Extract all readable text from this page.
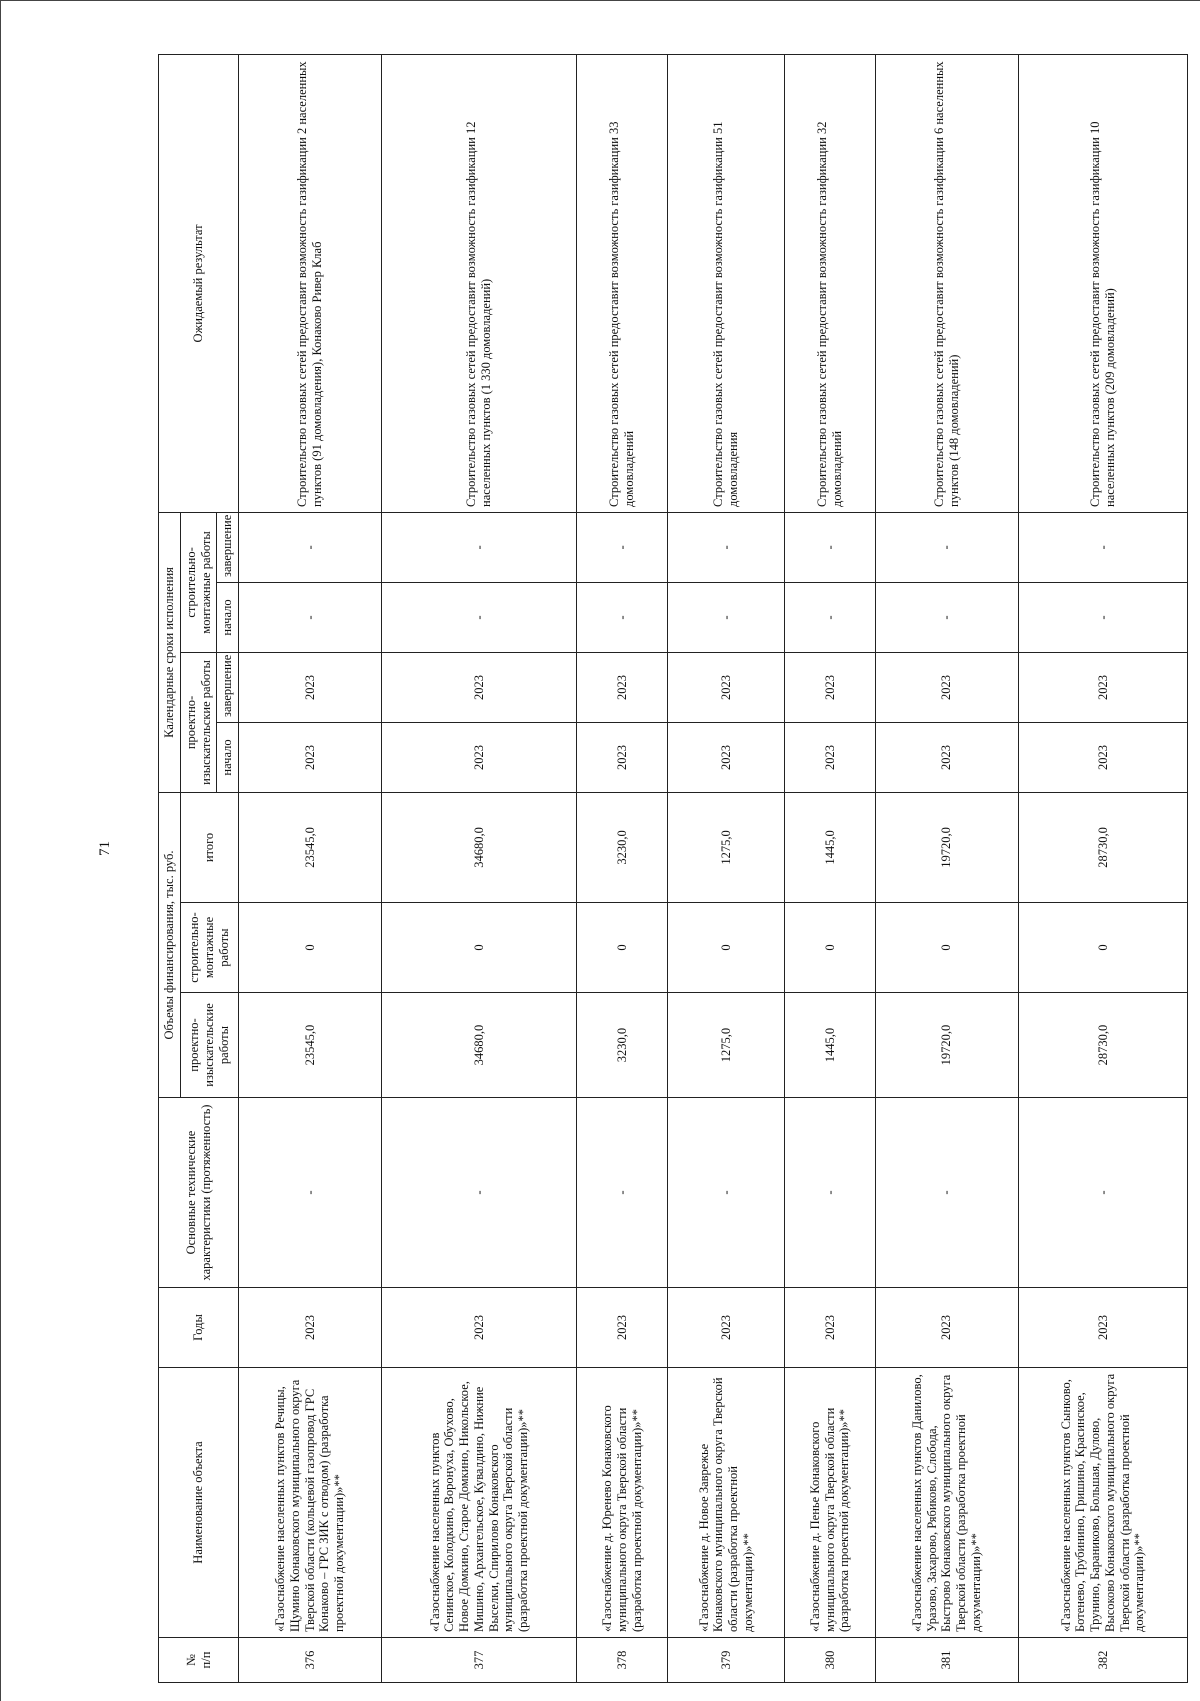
71
№
п/п	Наименование объекта	Годы	Основные технические характеристики (протяженность)	Объемы финансирования, тыс. руб.			Календарные сроки исполнения				Ожидаемый результат
				проектно-изыскательские работы	строительно-монтажные работы	итого	проектно-изыскательские работы		строительно-монтажные работы		
							начало	завершение	начало	завершение	
376	«Газоснабжение населенных пунктов Речицы, Щумино Конаковского муниципального округа Тверской области (кольцевой газопровод ГРС Конаково – ГРС ЗИК с отводом) (разработка проектной документации)»**	2023	-	23545,0	0	23545,0	2023	2023	-	-	Строительство газовых сетей предоставит возможность газификации 2 населенных пунктов (91 домовладения), Конаково Ривер Клаб
377	«Газоснабжение населенных пунктов Сенинское, Колодкино, Воронуха, Обухово, Новое Домкино, Старое Домкино, Никольское, Мишино, Архангельское, Кувалдино, Нижние Выселки, Спирилово Конаковского муниципального округа Тверской области (разработка проектной документации)»**	2023	-	34680,0	0	34680,0	2023	2023	-	-	Строительство газовых сетей предоставит возможность газификации 12 населенных пунктов (1 330 домовладений)
378	«Газоснабжение д. Юренево Конаковского муниципального округа Тверской области (разработка проектной документации)»**	2023	-	3230,0	0	3230,0	2023	2023	-	-	Строительство газовых сетей предоставит возможность газификации 33 домовладений
379	«Газоснабжение д. Новое Заврежье Конаковского муниципального округа Тверской области (разработка проектной документации)»**	2023	-	1275,0	0	1275,0	2023	2023	-	-	Строительство газовых сетей предоставит возможность газификации 51 домовладения
380	«Газоснабжение д. Пенье Конаковского муниципального округа Тверской области (разработка проектной документации)»**	2023	-	1445,0	0	1445,0	2023	2023	-	-	Строительство газовых сетей предоставит возможность газификации 32 домовладений
381	«Газоснабжение населенных пунктов Данилово, Уразово, Захарово, Рябиково, Слобода, Быстрово Конаковского муниципального округа Тверской области (разработка проектной документации)»**	2023	-	19720,0	0	19720,0	2023	2023	-	-	Строительство газовых сетей предоставит возможность газификации 6 населенных пунктов (148 домовладений)
382	«Газоснабжение населенных пунктов Сынково, Ботенево, Трубинино, Гришино, Красинское, Трунино, Бараниково, Большая, Дулово, Высоково Конаковского муниципального округа Тверской области (разработка проектной документации)»**	2023	-	28730,0	0	28730,0	2023	2023	-	-	Строительство газовых сетей предоставит возможность газификации 10 населенных пунктов (209 домовладений)
